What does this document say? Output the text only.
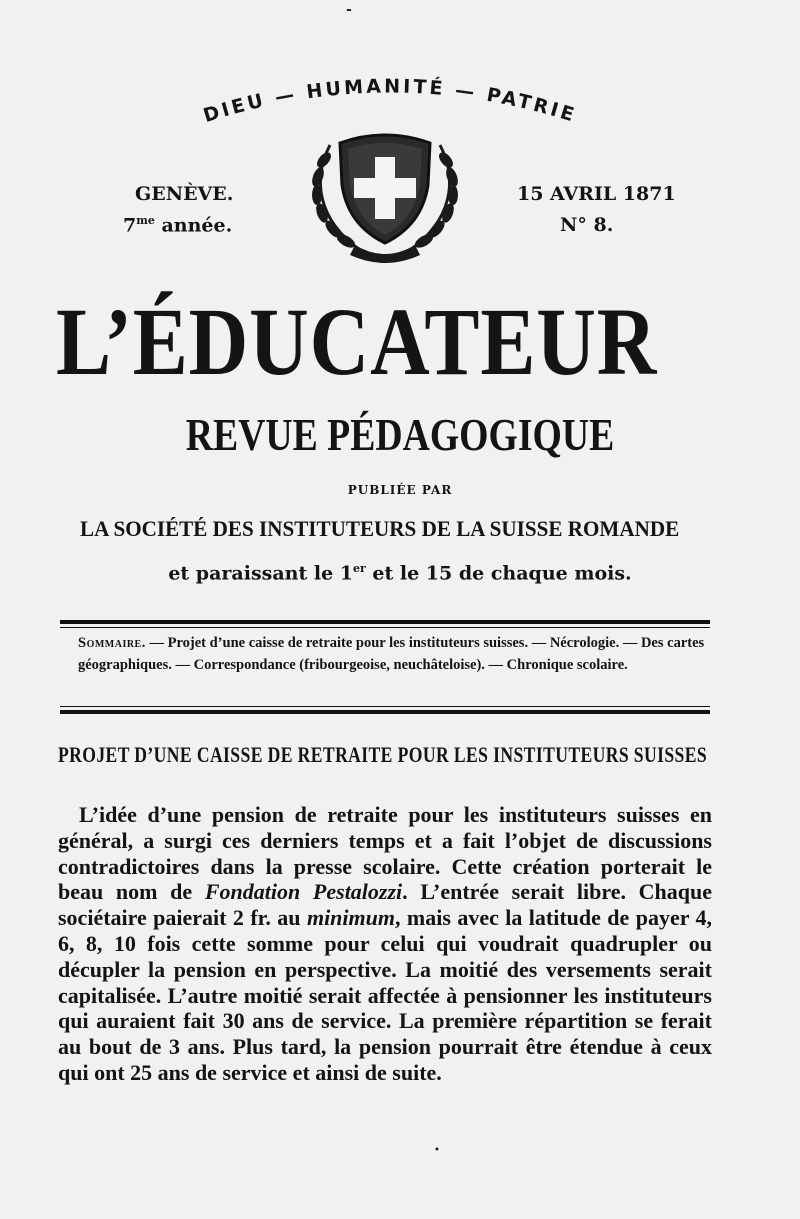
-
DIEU — HUMANITÉ — PATRIE
GENÈVE.	15 AVRIL 1871
$7^{me}$ année.	N° 8.
L’ÉDUCATEUR
REVUE PÉDAGOGIQUE
PUBLIÉE PAR
LA SOCIÉTÉ DES INSTITUTEURS DE LA SUISSE ROMANDE
et paraissant le 1er et le 15 de chaque mois.
Sommaire. — Projet d’une caisse de retraite pour les instituteurs suisses. — Nécrologie. — Des cartes géographiques. — Correspondance (fribourgeoise, neuchâteloise). — Chronique scolaire.
PROJET D’UNE CAISSE DE RETRAITE POUR LES INSTITUTEURS SUISSES
L’idée d’une pension de retraite pour les instituteurs suisses en général, a surgi ces derniers temps et a fait l’objet de discussions contradictoires dans la presse scolaire. Cette création porterait le beau nom de Fondation Pestalozzi. L’entrée serait libre. Chaque sociétaire paierait 2 fr. au minimum, mais avec la latitude de payer 4, 6, 8, 10 fois cette somme pour celui qui voudrait quadrupler ou décupler la pension en perspective. La moitié des versements serait capitalisée. L’autre moitié serait affectée à pensionner les instituteurs qui auraient fait 30 ans de service. La première répartition se ferait au bout de 3 ans. Plus tard, la pension pourrait être étendue à ceux qui ont 25 ans de service et ainsi de suite.
•
